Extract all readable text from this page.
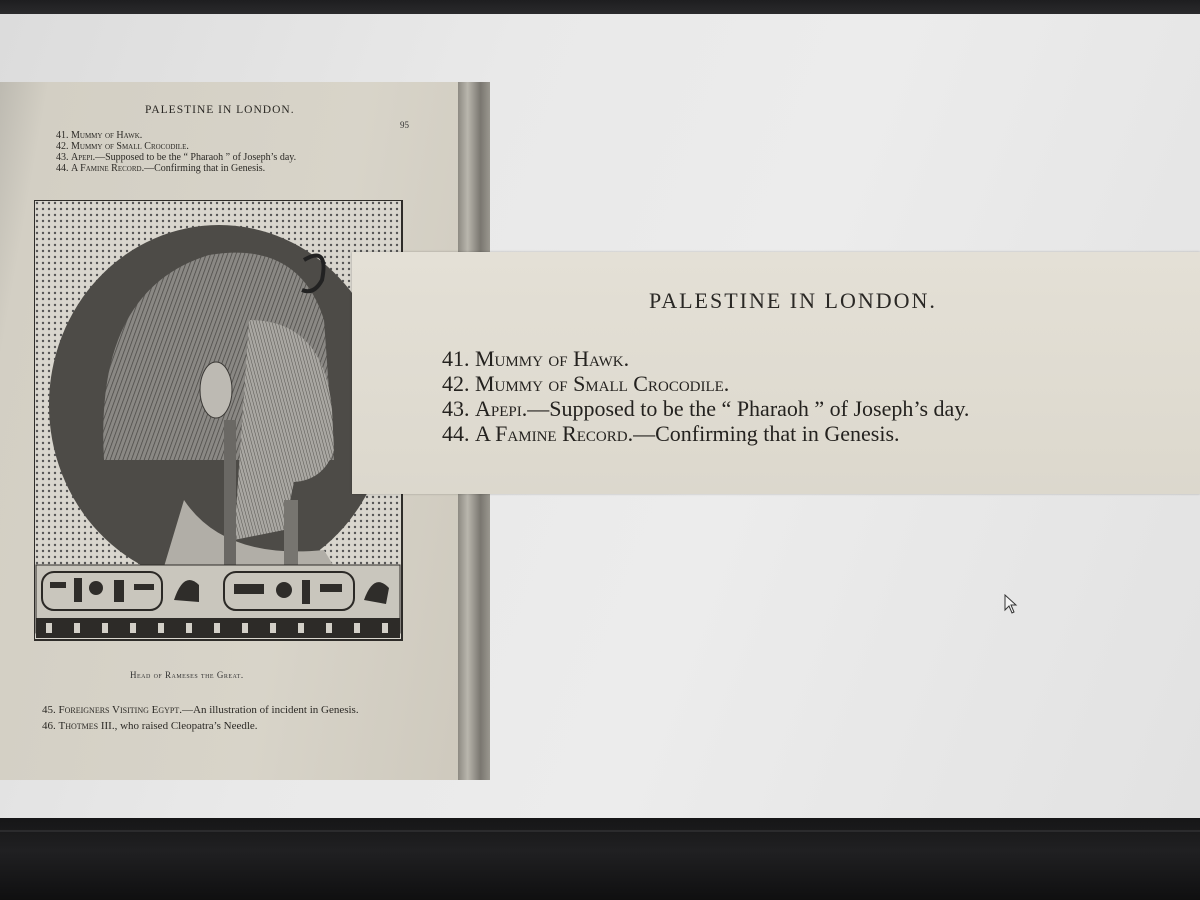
PALESTINE IN LONDON.
95
41. Mummy of Hawk.
42. Mummy of Small Crocodile.
43. Apepi.—Supposed to be the “ Pharaoh ” of Joseph’s day.
44. A Famine Record.—Confirming that in Genesis.
Head of Rameses the Great.
45. Foreigners Visiting Egypt.—An illustration of incident in Genesis.
46. Thotmes III., who raised Cleopatra’s Needle.
PALESTINE IN LONDON.
41. Mummy of Hawk.
42. Mummy of Small Crocodile.
43. Apepi.—Supposed to be the “ Pharaoh ” of Joseph’s day.
44. A Famine Record.—Confirming that in Genesis.
